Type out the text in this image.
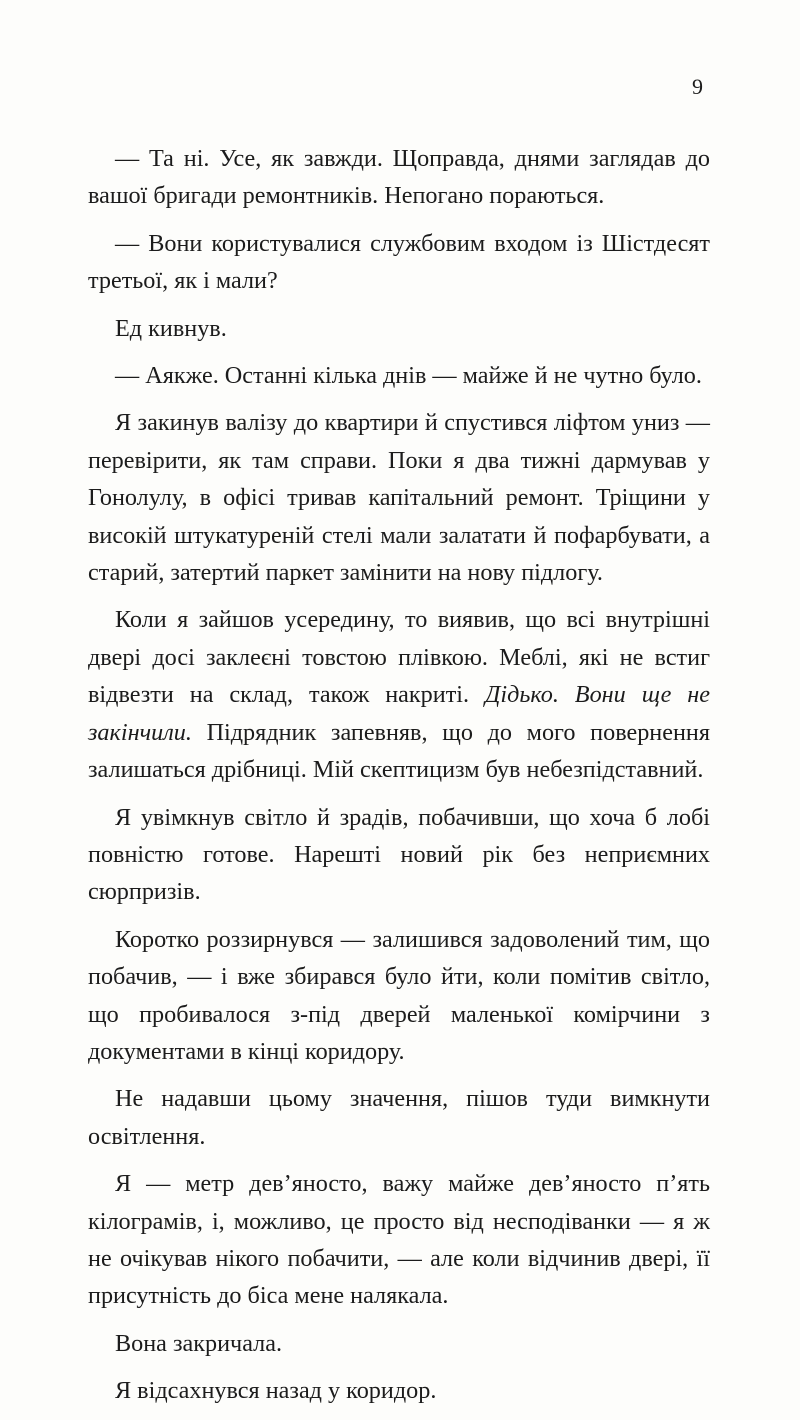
9

— Та ні. Усе, як завжди. Щоправда, днями заглядав до вашої бригади ремонтників. Непогано пораються.

— Вони користувалися службовим входом із Шістдесят третьої, як і мали?

Ед кивнув.

— Аякже. Останні кілька днів — майже й не чутно було.

Я закинув валізу до квартири й спустився ліфтом униз — перевірити, як там справи. Поки я два тижні дармував у Гонолулу, в офісі тривав капітальний ремонт. Тріщини у високій штукатуреній стелі мали залатати й пофарбувати, а старий, затертий паркет замінити на нову підлогу.

Коли я зайшов усередину, то виявив, що всі внутрішні двері досі заклеєні товстою плівкою. Меблі, які не встиг відвезти на склад, також накриті. Дідько. Вони ще не закінчили. Підрядник запевняв, що до мого повернення залишаться дрібниці. Мій скептицизм був небезпідставний.

Я увімкнув світло й зрадів, побачивши, що хоча б лобі повністю готове. Нарешті новий рік без неприємних сюрпризів.

Коротко роззирнувся — залишився задоволений тим, що побачив, — і вже збирався було йти, коли помітив світло, що пробивалося з-під дверей маленької комірчини з документами в кінці коридору.

Не надавши цьому значення, пішов туди вимкнути освітлення.

Я — метр дев’яносто, важу майже дев’яносто п’ять кілограмів, і, можливо, це просто від несподіванки — я ж не очікував нікого побачити, — але коли відчинив двері, її присутність до біса мене налякала.

Вона закричала.

Я відсахнувся назад у коридор.
